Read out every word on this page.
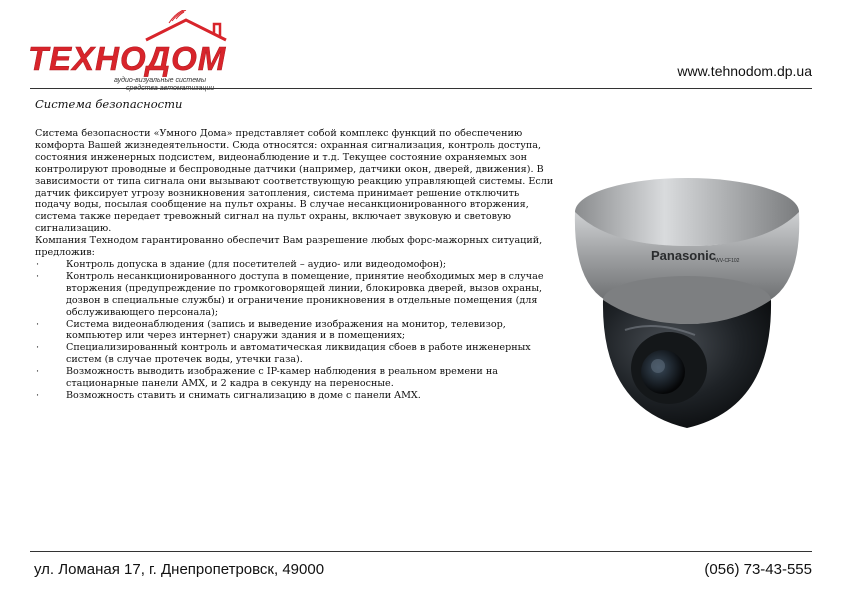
ТЕХНОДОМ
аудио-визуальные системы
www.tehnodom.dp.ua
Система безопасности

Система безопасности «Умного Дома» представляет собой комплекс функций по обеспечению комфорта Вашей жизнедеятельности. Сюда относятся: охранная сигнализация, контроль доступа, состояния инженерных подсистем, видеонаблюдение и т.д. Текущее состояние охраняемых зон контролируют проводные и беспроводные датчики (например, датчики окон, дверей, движения). В зависимости от типа сигнала они вызывают соответствующую реакцию управляющей системы. Если датчик фиксирует угрозу возникновения затопления, система принимает решение отключить подачу воды, посылая сообщение на пульт охраны. В случае несанкционированного вторжения, система также передает тревожный сигнал на пульт охраны, включает звуковую и световую сигнализацию.

Компания Технодом гарантированно обеспечит Вам разрешение любых форс-мажорных ситуаций, предложив:

·	Контроль допуска в здание (для посетителей – аудио- или видеодомофон);
·	Контроль несанкционированного доступа в помещение, принятие необходимых мер в случае вторжения (предупреждение по громкоговорящей линии, блокировка дверей, вызов охраны, дозвон в специальные службы) и ограничение проникновения в отдельные помещения (для обслуживающего персонала);
·	Система видеонаблюдения (запись и выведение изображения на монитор, телевизор, компьютер или через интернет) снаружи здания и в помещениях;
·	Специализированный контроль и автоматическая ликвидация сбоев в работе инженерных систем (в случае протечек воды, утечки газа).
·	Возможность выводить изображение с IP-камер наблюдения в реальном времени на стационарные панели AMX, и 2 кадра в секунду на переносные.
·	Возможность ставить и снимать сигнализацию в доме с панели AMX.
Panasonic
WV-CF102
ул. Ломаная 17, г. Днепропетровск, 49000	(056) 73-43-555
